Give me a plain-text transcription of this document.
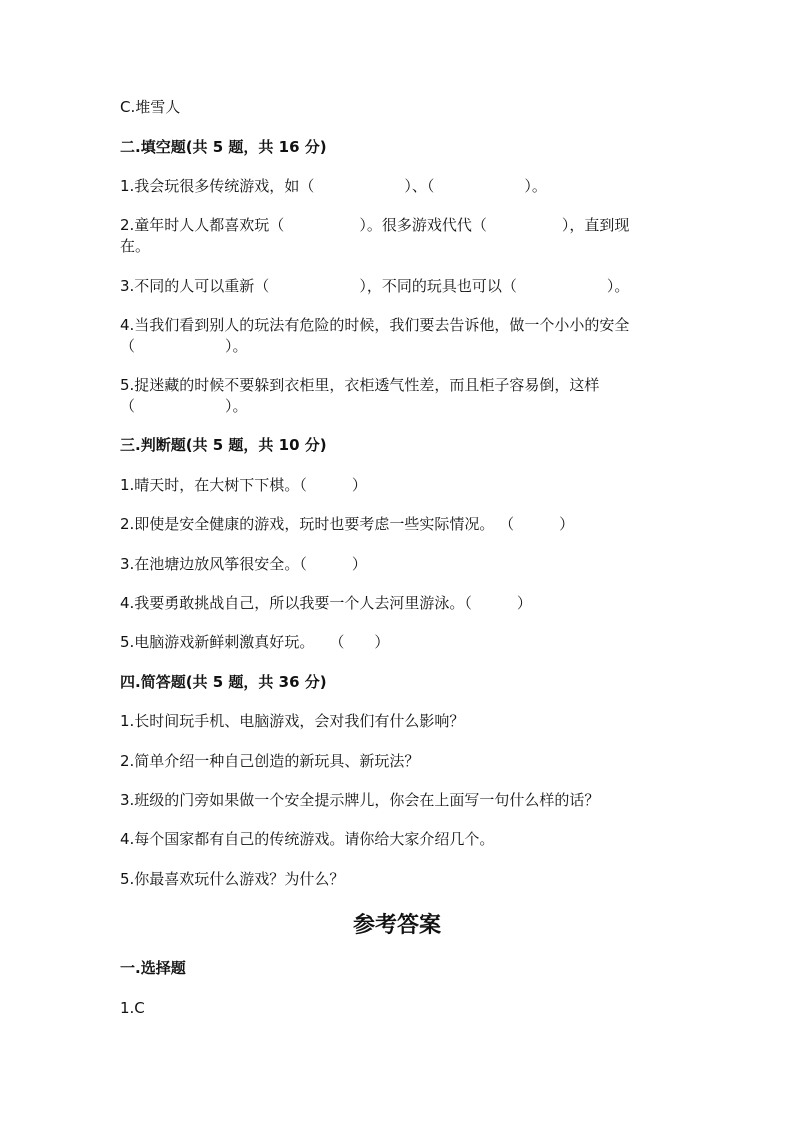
C.堆雪人
二.填空题(共 5 题，共 16 分)
1.我会玩很多传统游戏，如（　　　　　　）、（　　　　　　）。
2.童年时人人都喜欢玩（　　　　　）。很多游戏代代（　　　　　），直到现
在。
3.不同的人可以重新（　　　　　　），不同的玩具也可以（　　　　　　）。
4.当我们看到别人的玩法有危险的时候，我们要去告诉他，做一个小小的安全
（　　　　　　）。
5.捉迷藏的时候不要躲到衣柜里，衣柜透气性差，而且柜子容易倒，这样
（　　　　　　）。
三.判断题(共 5 题，共 10 分)
1.晴天时，在大树下下棋。（　　　）
2.即使是安全健康的游戏，玩时也要考虑一些实际情况。 （　　　）
3.在池塘边放风筝很安全。（　　　）
4.我要勇敢挑战自己，所以我要一个人去河里游泳。（　　　）
5.电脑游戏新鲜刺激真好玩。　　（　　）
四.简答题(共 5 题，共 36 分)
1.长时间玩手机、电脑游戏，会对我们有什么影响？
2.简单介绍一种自己创造的新玩具、新玩法？
3.班级的门旁如果做一个安全提示牌儿，你会在上面写一句什么样的话？
4.每个国家都有自己的传统游戏。请你给大家介绍几个。
5.你最喜欢玩什么游戏？为什么？
参考答案
一.选择题
1.C
